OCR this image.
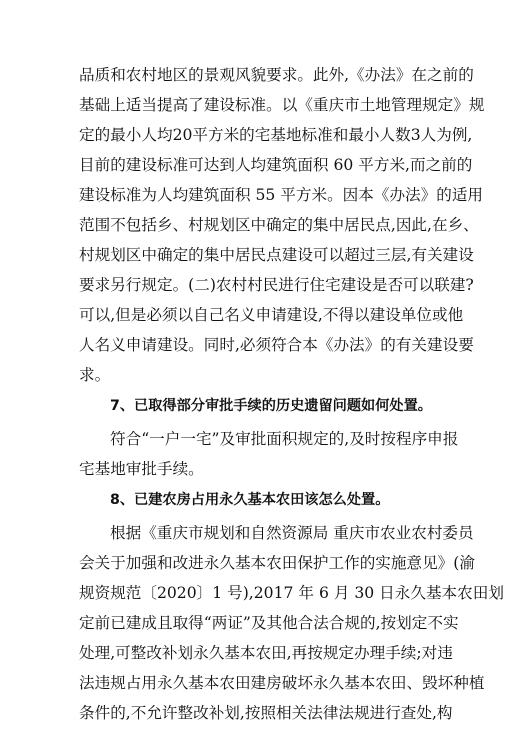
品质和农村地区的景观风貌要求。此外,《办法》在之前的
基础上适当提高了建设标准。以《重庆市土地管理规定》规
定的最小人均20平方米的宅基地标准和最小人数3人为例,
目前的建设标准可达到人均建筑面积 60 平方米,而之前的
建设标准为人均建筑面积 55 平方米。因本《办法》的适用
范围不包括乡、村规划区中确定的集中居民点,因此,在乡、
村规划区中确定的集中居民点建设可以超过三层,有关建设
要求另行规定。(二)农村村民进行住宅建设是否可以联建?
可以,但是必须以自己名义申请建设,不得以建设单位或他
人名义申请建设。同时,必须符合本《办法》的有关建设要
求。
7、已取得部分审批手续的历史遗留问题如何处置。
符合“一户一宅”及审批面积规定的,及时按程序申报
宅基地审批手续。
8、已建农房占用永久基本农田该怎么处置。
根据《重庆市规划和自然资源局 重庆市农业农村委员
会关于加强和改进永久基本农田保护工作的实施意见》(渝
规资规范〔2020〕1 号),2017 年 6 月 30 日永久基本农田划
定前已建成且取得“两证”及其他合法合规的,按划定不实
处理,可整改补划永久基本农田,再按规定办理手续;对违
法违规占用永久基本农田建房破坏永久基本农田、毁坏种植
条件的,不允许整改补划,按照相关法律法规进行查处,构
